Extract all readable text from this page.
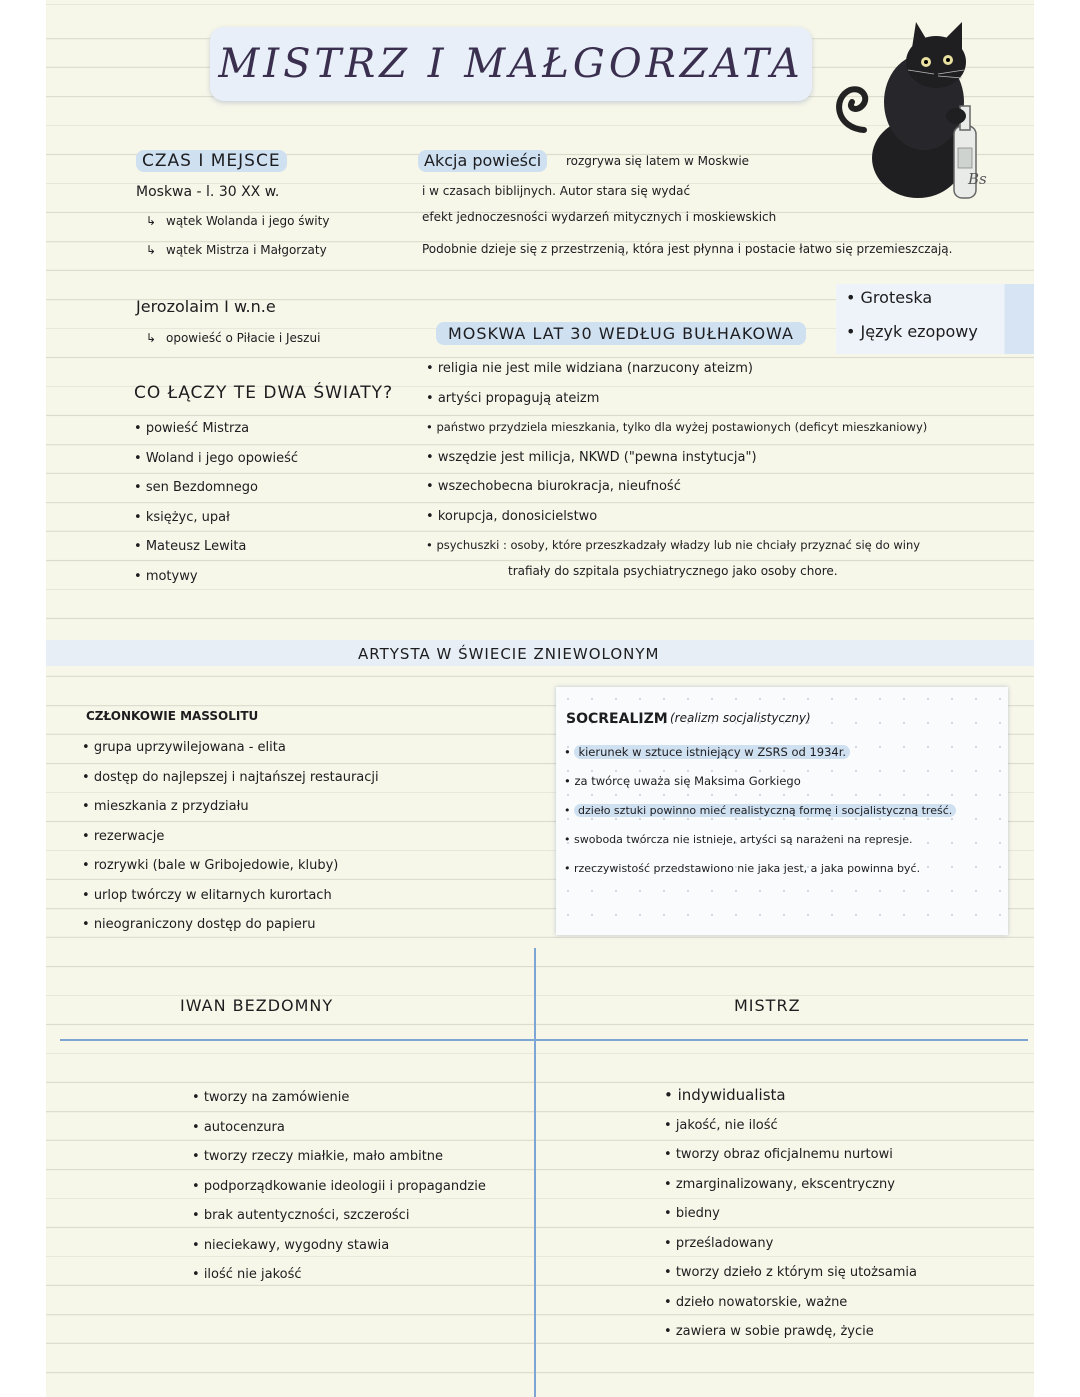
MISTRZ I MAŁGORZATA
Bs
CZAS I MEJSCE
Moskwa - l. 30 XX w.
↳ wątek Wolanda i jego świty
↳ wątek Mistrza i Małgorzaty
Jerozolaim I w.n.e
↳ opowieść o Piłacie i Jeszui
Akcja powieści	rozgrywa się latem w Moskwie
i w czasach biblijnych. Autor stara się wydać
efekt jednoczesności wydarzeń mitycznych i moskiewskich
Podobnie dzieje się z przestrzenią, która jest płynna i postacie łatwo się przemieszczają.
• Groteska
• Język ezopowy
MOSKWA LAT 30 WEDŁUG BUŁHAKOWA
• religia nie jest mile widziana (narzucony ateizm)
• artyści propagują ateizm
• państwo przydziela mieszkania, tylko dla wyżej postawionych (deficyt mieszkaniowy)
• wszędzie jest milicja, NKWD ("pewna instytucja")
• wszechobecna biurokracja, nieufność
• korupcja, donosicielstwo
• psychuszki : osoby, które przeszkadzały władzy lub nie chciały przyznać się do winy
trafiały do szpitala psychiatrycznego jako osoby chore.
CO ŁĄCZY TE DWA ŚWIATY?
• powieść Mistrza
• Woland i jego opowieść
• sen Bezdomnego
• księżyc, upał
• Mateusz Lewita
• motywy
ARTYSTA W ŚWIECIE ZNIEWOLONYM
CZŁONKOWIE MASSOLITU
• grupa uprzywilejowana - elita
• dostęp do najlepszej i najtańszej restauracji
• mieszkania z przydziału
• rezerwacje
• rozrywki (bale w Gribojedowie, kluby)
• urlop twórczy w elitarnych kurortach
• nieograniczony dostęp do papieru
SOCREALIZM (realizm socjalistyczny)
• kierunek w sztuce istniejący w ZSRS od 1934r.
• za twórcę uważa się Maksima Gorkiego
• dzieło sztuki powinno mieć realistyczną formę i socjalistyczną treść.
• swoboda twórcza nie istnieje, artyści są narażeni na represje.
• rzeczywistość przedstawiono nie jaka jest, a jaka powinna być.
IWAN BEZDOMNY
• tworzy na zamówienie
• autocenzura
• tworzy rzeczy miałkie, mało ambitne
• podporządkowanie ideologii i propagandzie
• brak autentyczności, szczerości
• nieciekawy, wygodny stawia
• ilość nie jakość
MISTRZ
• indywidualista
• jakość, nie ilość
• tworzy obraz oficjalnemu nurtowi
• zmarginalizowany, ekscentryczny
• biedny
• prześladowany
• tworzy dzieło z którym się utożsamia
• dzieło nowatorskie, ważne
• zawiera w sobie prawdę, życie
